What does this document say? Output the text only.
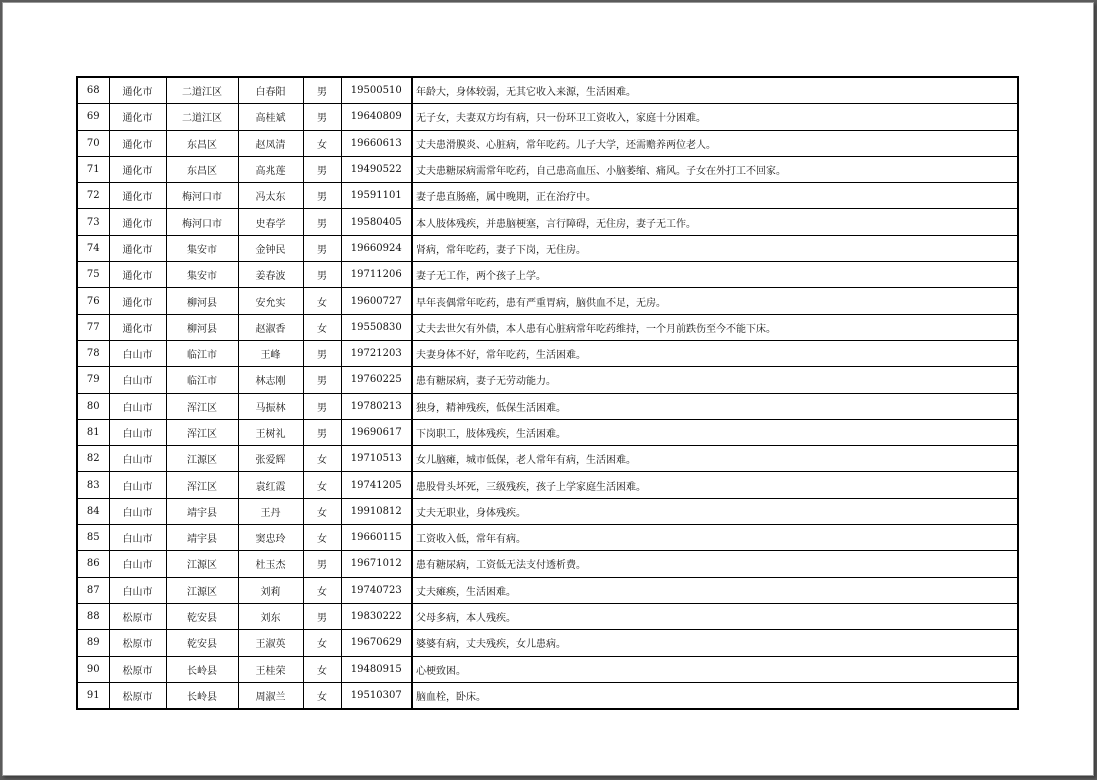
68	通化市	二道江区	白春阳	男	19500510	年龄大，身体较弱，无其它收入来源，生活困难。
69	通化市	二道江区	高桂斌	男	19640809	无子女，夫妻双方均有病，只一份环卫工资收入，家庭十分困难。
70	通化市	东昌区	赵凤清	女	19660613	丈夫患滑膜炎、心脏病，常年吃药。儿子大学，还需赡养两位老人。
71	通化市	东昌区	高兆莲	男	19490522	丈夫患糖尿病需常年吃药，自己患高血压、小脑萎缩、痛风。子女在外打工不回家。
72	通化市	梅河口市	冯太东	男	19591101	妻子患直肠癌，属中晚期，正在治疗中。
73	通化市	梅河口市	史春学	男	19580405	本人肢体残疾，并患脑梗塞，言行障碍，无住房，妻子无工作。
74	通化市	集安市	金钟民	男	19660924	肾病，常年吃药，妻子下岗，无住房。
75	通化市	集安市	姜春波	男	19711206	妻子无工作，两个孩子上学。
76	通化市	柳河县	安允实	女	19600727	早年丧偶常年吃药，患有严重胃病，脑供血不足，无房。
77	通化市	柳河县	赵淑香	女	19550830	丈夫去世欠有外债，本人患有心脏病常年吃药维持，一个月前跌伤至今不能下床。
78	白山市	临江市	王峰	男	19721203	夫妻身体不好，常年吃药，生活困难。
79	白山市	临江市	林志刚	男	19760225	患有糖尿病，妻子无劳动能力。
80	白山市	浑江区	马振林	男	19780213	独身，精神残疾，低保生活困难。
81	白山市	浑江区	王树礼	男	19690617	下岗职工，肢体残疾，生活困难。
82	白山市	江源区	张爱辉	女	19710513	女儿脑瘫，城市低保，老人常年有病，生活困难。
83	白山市	浑江区	袁红霞	女	19741205	患股骨头坏死，三级残疾，孩子上学家庭生活困难。
84	白山市	靖宇县	王丹	女	19910812	丈夫无职业，身体残疾。
85	白山市	靖宇县	窦忠玲	女	19660115	工资收入低，常年有病。
86	白山市	江源区	杜玉杰	男	19671012	患有糖尿病，工资低无法支付透析费。
87	白山市	江源区	刘莉	女	19740723	丈夫瘫痪，生活困难。
88	松原市	乾安县	刘东	男	19830222	父母多病，本人残疾。
89	松原市	乾安县	王淑英	女	19670629	婆婆有病，丈夫残疾，女儿患病。
90	松原市	长岭县	王桂荣	女	19480915	心梗致困。
91	松原市	长岭县	周淑兰	女	19510307	脑血栓，卧床。
